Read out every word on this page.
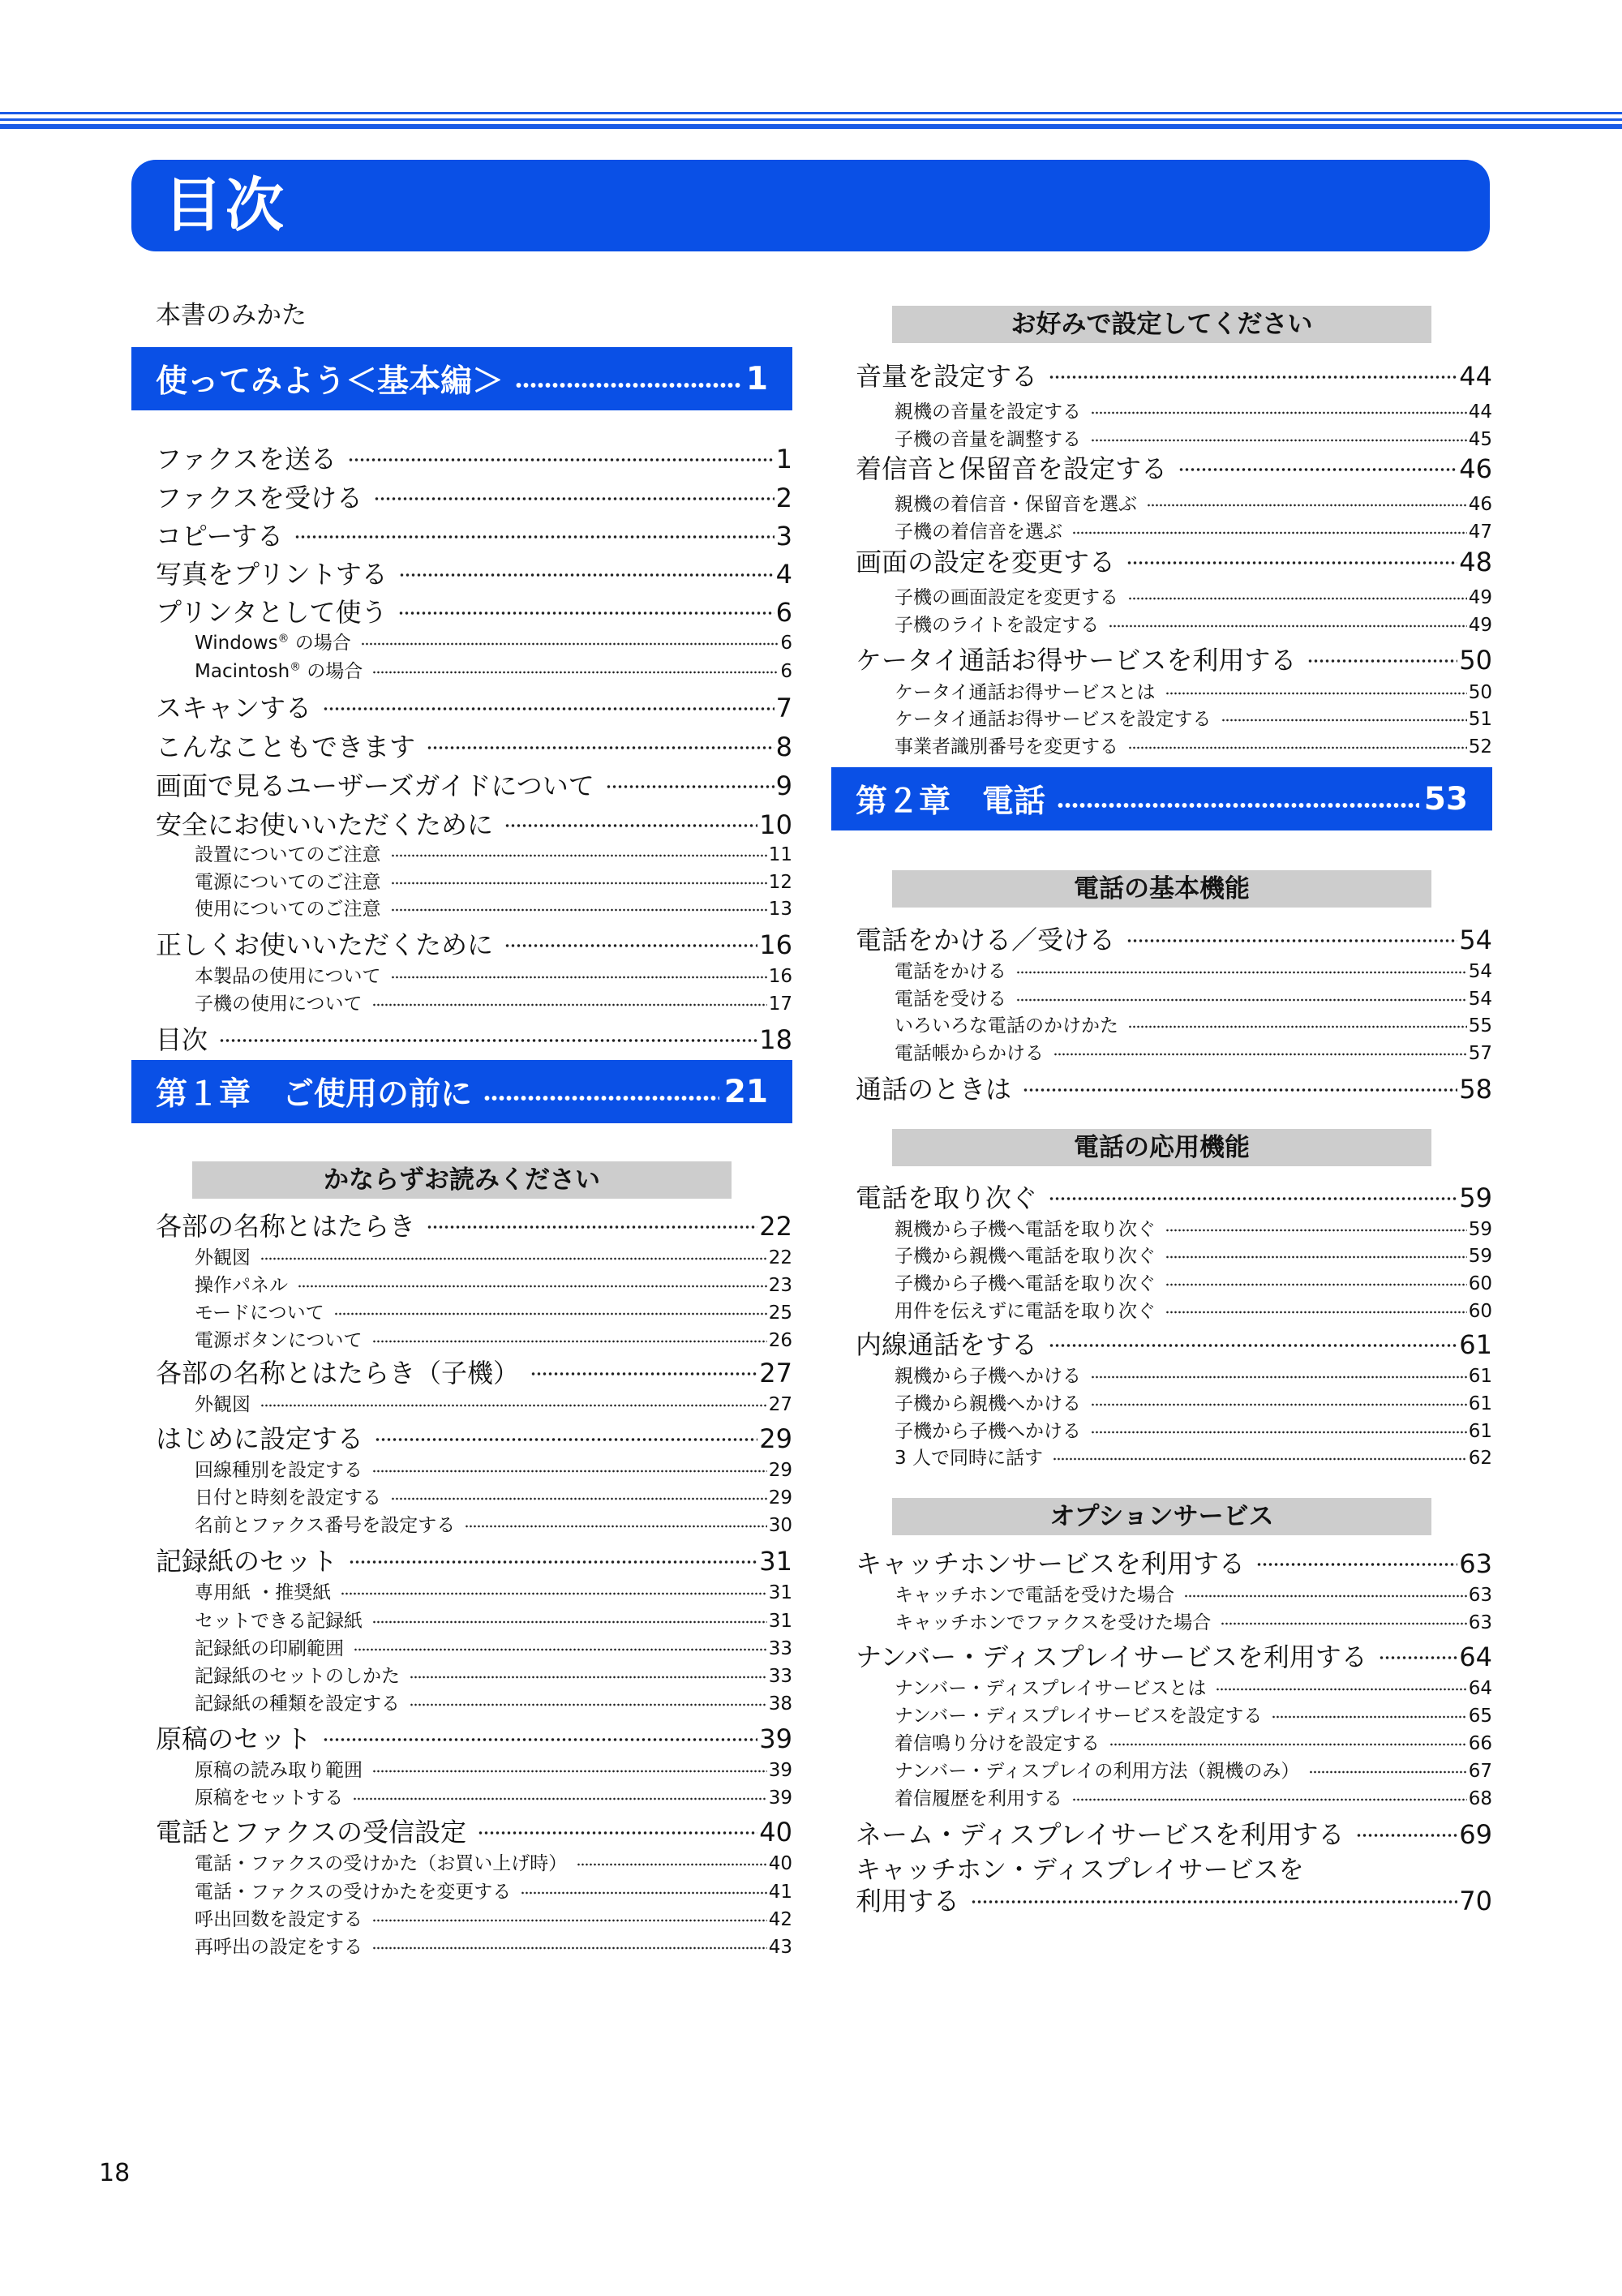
目次
本書のみかた
使ってみよう＜基本編＞	1
ファクスを送る	1
ファクスを受ける	2
コピーする	3
写真をプリントする	4
プリンタとして使う	6
Windows® の場合	6
Macintosh® の場合	6
スキャンする	7
こんなこともできます	8
画面で見るユーザーズガイドについて	9
安全にお使いいただくために	10
設置についてのご注意	11
電源についてのご注意	12
使用についてのご注意	13
正しくお使いいただくために	16
本製品の使用について	16
子機の使用について	17
目次	18
第１章　ご使用の前に	21
かならずお読みください
各部の名称とはたらき	22
外観図	22
操作パネル	23
モードについて	25
電源ボタンについて	26
各部の名称とはたらき（子機）	27
外観図	27
はじめに設定する	29
回線種別を設定する	29
日付と時刻を設定する	29
名前とファクス番号を設定する	30
記録紙のセット	31
専用紙 ・推奨紙	31
セットできる記録紙	31
記録紙の印刷範囲	33
記録紙のセットのしかた	33
記録紙の種類を設定する	38
原稿のセット	39
原稿の読み取り範囲	39
原稿をセットする	39
電話とファクスの受信設定	40
電話・ファクスの受けかた（お買い上げ時）	40
電話・ファクスの受けかたを変更する	41
呼出回数を設定する	42
再呼出の設定をする	43
お好みで設定してください
音量を設定する	44
親機の音量を設定する	44
子機の音量を調整する	45
着信音と保留音を設定する	46
親機の着信音・保留音を選ぶ	46
子機の着信音を選ぶ	47
画面の設定を変更する	48
子機の画面設定を変更する	49
子機のライトを設定する	49
ケータイ通話お得サービスを利用する	50
ケータイ通話お得サービスとは	50
ケータイ通話お得サービスを設定する	51
事業者識別番号を変更する	52
第２章　電話	53
電話の基本機能
電話をかける／受ける	54
電話をかける	54
電話を受ける	54
いろいろな電話のかけかた	55
電話帳からかける	57
通話のときは	58
電話の応用機能
電話を取り次ぐ	59
親機から子機へ電話を取り次ぐ	59
子機から親機へ電話を取り次ぐ	59
子機から子機へ電話を取り次ぐ	60
用件を伝えずに電話を取り次ぐ	60
内線通話をする	61
親機から子機へかける	61
子機から親機へかける	61
子機から子機へかける	61
3 人で同時に話す	62
オプションサービス
キャッチホンサービスを利用する	63
キャッチホンで電話を受けた場合	63
キャッチホンでファクスを受けた場合	63
ナンバー・ディスプレイサービスを利用する	64
ナンバー・ディスプレイサービスとは	64
ナンバー・ディスプレイサービスを設定する	65
着信鳴り分けを設定する	66
ナンバー・ディスプレイの利用方法（親機のみ）	67
着信履歴を利用する	68
ネーム・ディスプレイサービスを利用する	69
キャッチホン・ディスプレイサービスを
利用する	70
18
